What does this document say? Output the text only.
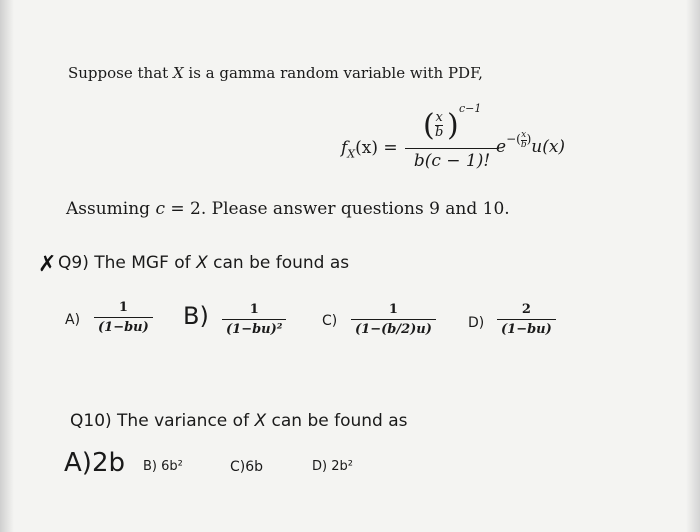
Suppose that X is a gamma random variable with PDF,
$f_X(x)$ = ( x
b ) c−1
b(c − 1)!
$e^{-( \frac{x}{b} )}u(x)$
Assuming c = 2. Please answer questions 9 and 10.
✗ Q9) The MGF of X can be found as
$A) \frac{1}{(1-bu)} B) \frac{1}{\text{(1−bu)²}}$	$C) \frac{1}{(1-(b/2)u)} D) \frac{2}{(1-bu)}$
Q10) The variance of X can be found as
A)2b B) 6b²	C)6b	D) 2b²
